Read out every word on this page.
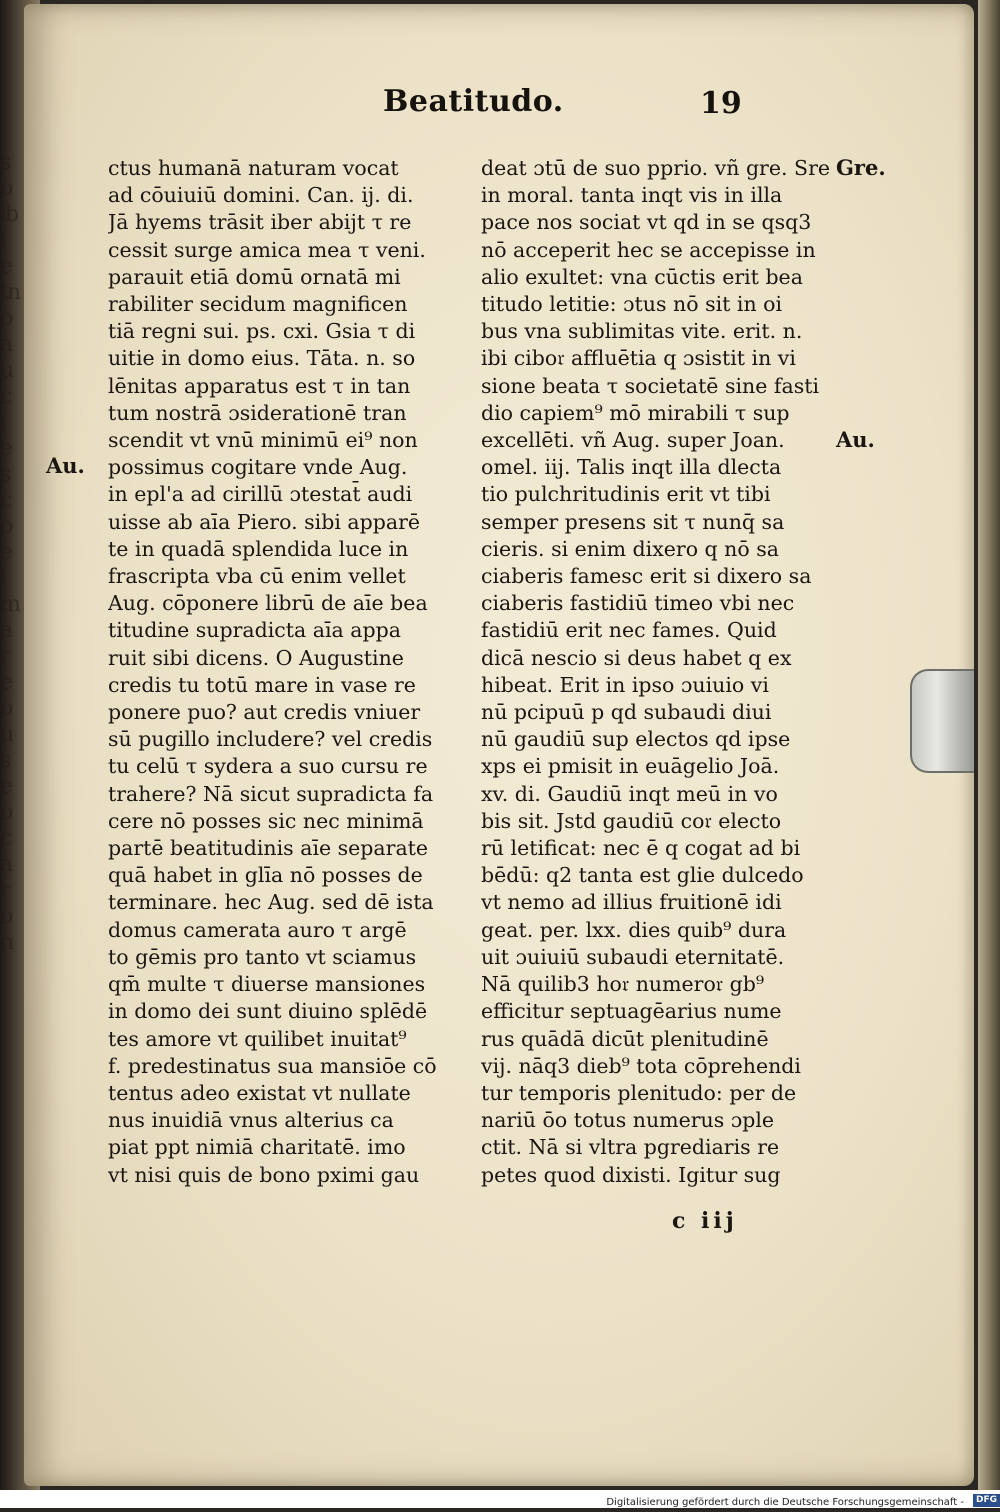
s
o
ib
i
e
tn
o
a
u
c
i
e
s
c
o
e
i
m
a
r
e
o
u
s
e
o
c
a
r
o
n
Beatitudo.	19
ctus humanā naturam vocat
ad cōuiuiū domini. Can. ij. di.
Jā hyems trāsit iber abijt τ re
cessit surge amica mea τ veni.
parauit etiā domū ornatā mi
rabiliter secidum magnificen
tiā regni sui. ps. cxi. Gsia τ di
uitie in domo eius. Tāta. n. so
lēnitas apparatus est τ in tan
tum nostrā ɔsiderationē tran
scendit vt vnū minimū ei⁹ non
possimus cogitare vnde Aug.
in epl'a ad cirillū ɔtestat̄ audi
uisse ab aīa Piero. sibi apparē
te in quadā splendida luce in
frascripta vba cū enim vellet
Aug. cōponere librū de aīe bea
titudine supradicta aīa appa
ruit sibi dicens. O Augustine
credis tu totū mare in vase re
ponere puo? aut credis vniuer
sū pugillo includere? vel credis
tu celū τ sydera a suo cursu re
trahere? Nā sicut supradicta fa
cere nō posses sic nec minimā
partē beatitudinis aīe separate
quā habet in glīa nō posses de
terminare. hec Aug. sed dē ista
domus camerata auro τ argē
to gēmis pro tanto vt sciamus
qm̄ multe τ diuerse mansiones
in domo dei sunt diuino splēdē
tes amore vt quilibet inuitat⁹
f. predestinatus sua mansiōe cō
tentus adeo existat vt nullate
nus inuidiā vnus alterius ca
piat ppt nimiā charitatē. imo
vt nisi quis de bono pximi gau
deat ɔtū de suo pprio. vñ gre. Sre
in moral. tanta inqt vis in illa
pace nos sociat vt qd in se qsq3
nō acceperit hec se accepisse in
alio exultet: vna cūctis erit bea
titudo letitie: ɔtus nō sit in oi
bus vna sublimitas vite. erit. n.
ibi cibo𝔯 affluētia q ɔsistit in vi
sione beata τ societatē sine fasti
dio capiem⁹ mō mirabili τ sup
excellēti. vñ Aug. super Joan.
omel. iij. Talis inqt illa dlecta
tio pulchritudinis erit vt tibi
semper presens sit τ nunq̄ sa
cieris. si enim dixero q nō sa
ciaberis famesc erit si dixero sa
ciaberis fastidiū timeo vbi nec
fastidiū erit nec fames. Quid
dicā nescio si deus habet q ex
hibeat. Erit in ipso ɔuiuio vi
nū pcipuū p qd subaudi diui
nū gaudiū sup electos qd ipse
xps ei pmisit in euāgelio Joā.
xv. di. Gaudiū inqt meū in vo
bis sit. Jstd gaudiū co𝔯 electo
rū letificat: nec ē q cogat ad bi
bēdū: q2 tanta est glie dulcedo
vt nemo ad illius fruitionē idi
geat. per. lxx. dies quib⁹ dura
uit ɔuiuiū subaudi eternitatē.
Nā quilib3 ho𝔯 numero𝔯 gb⁹
efficitur septuagēarius nume
rus quādā dicūt plenitudinē
vij. nāq3 dieb⁹ tota cōprehendi
tur temporis plenitudo: per de
nariū ōo totus numerus ɔple
ctit. Nā si vltra pgrediaris re
petes quod dixisti. Igitur sug
Au.
Gre.
Au.
c iij
Digitalisierung gefördert durch die Deutsche Forschungsgemeinschaft - DFG
